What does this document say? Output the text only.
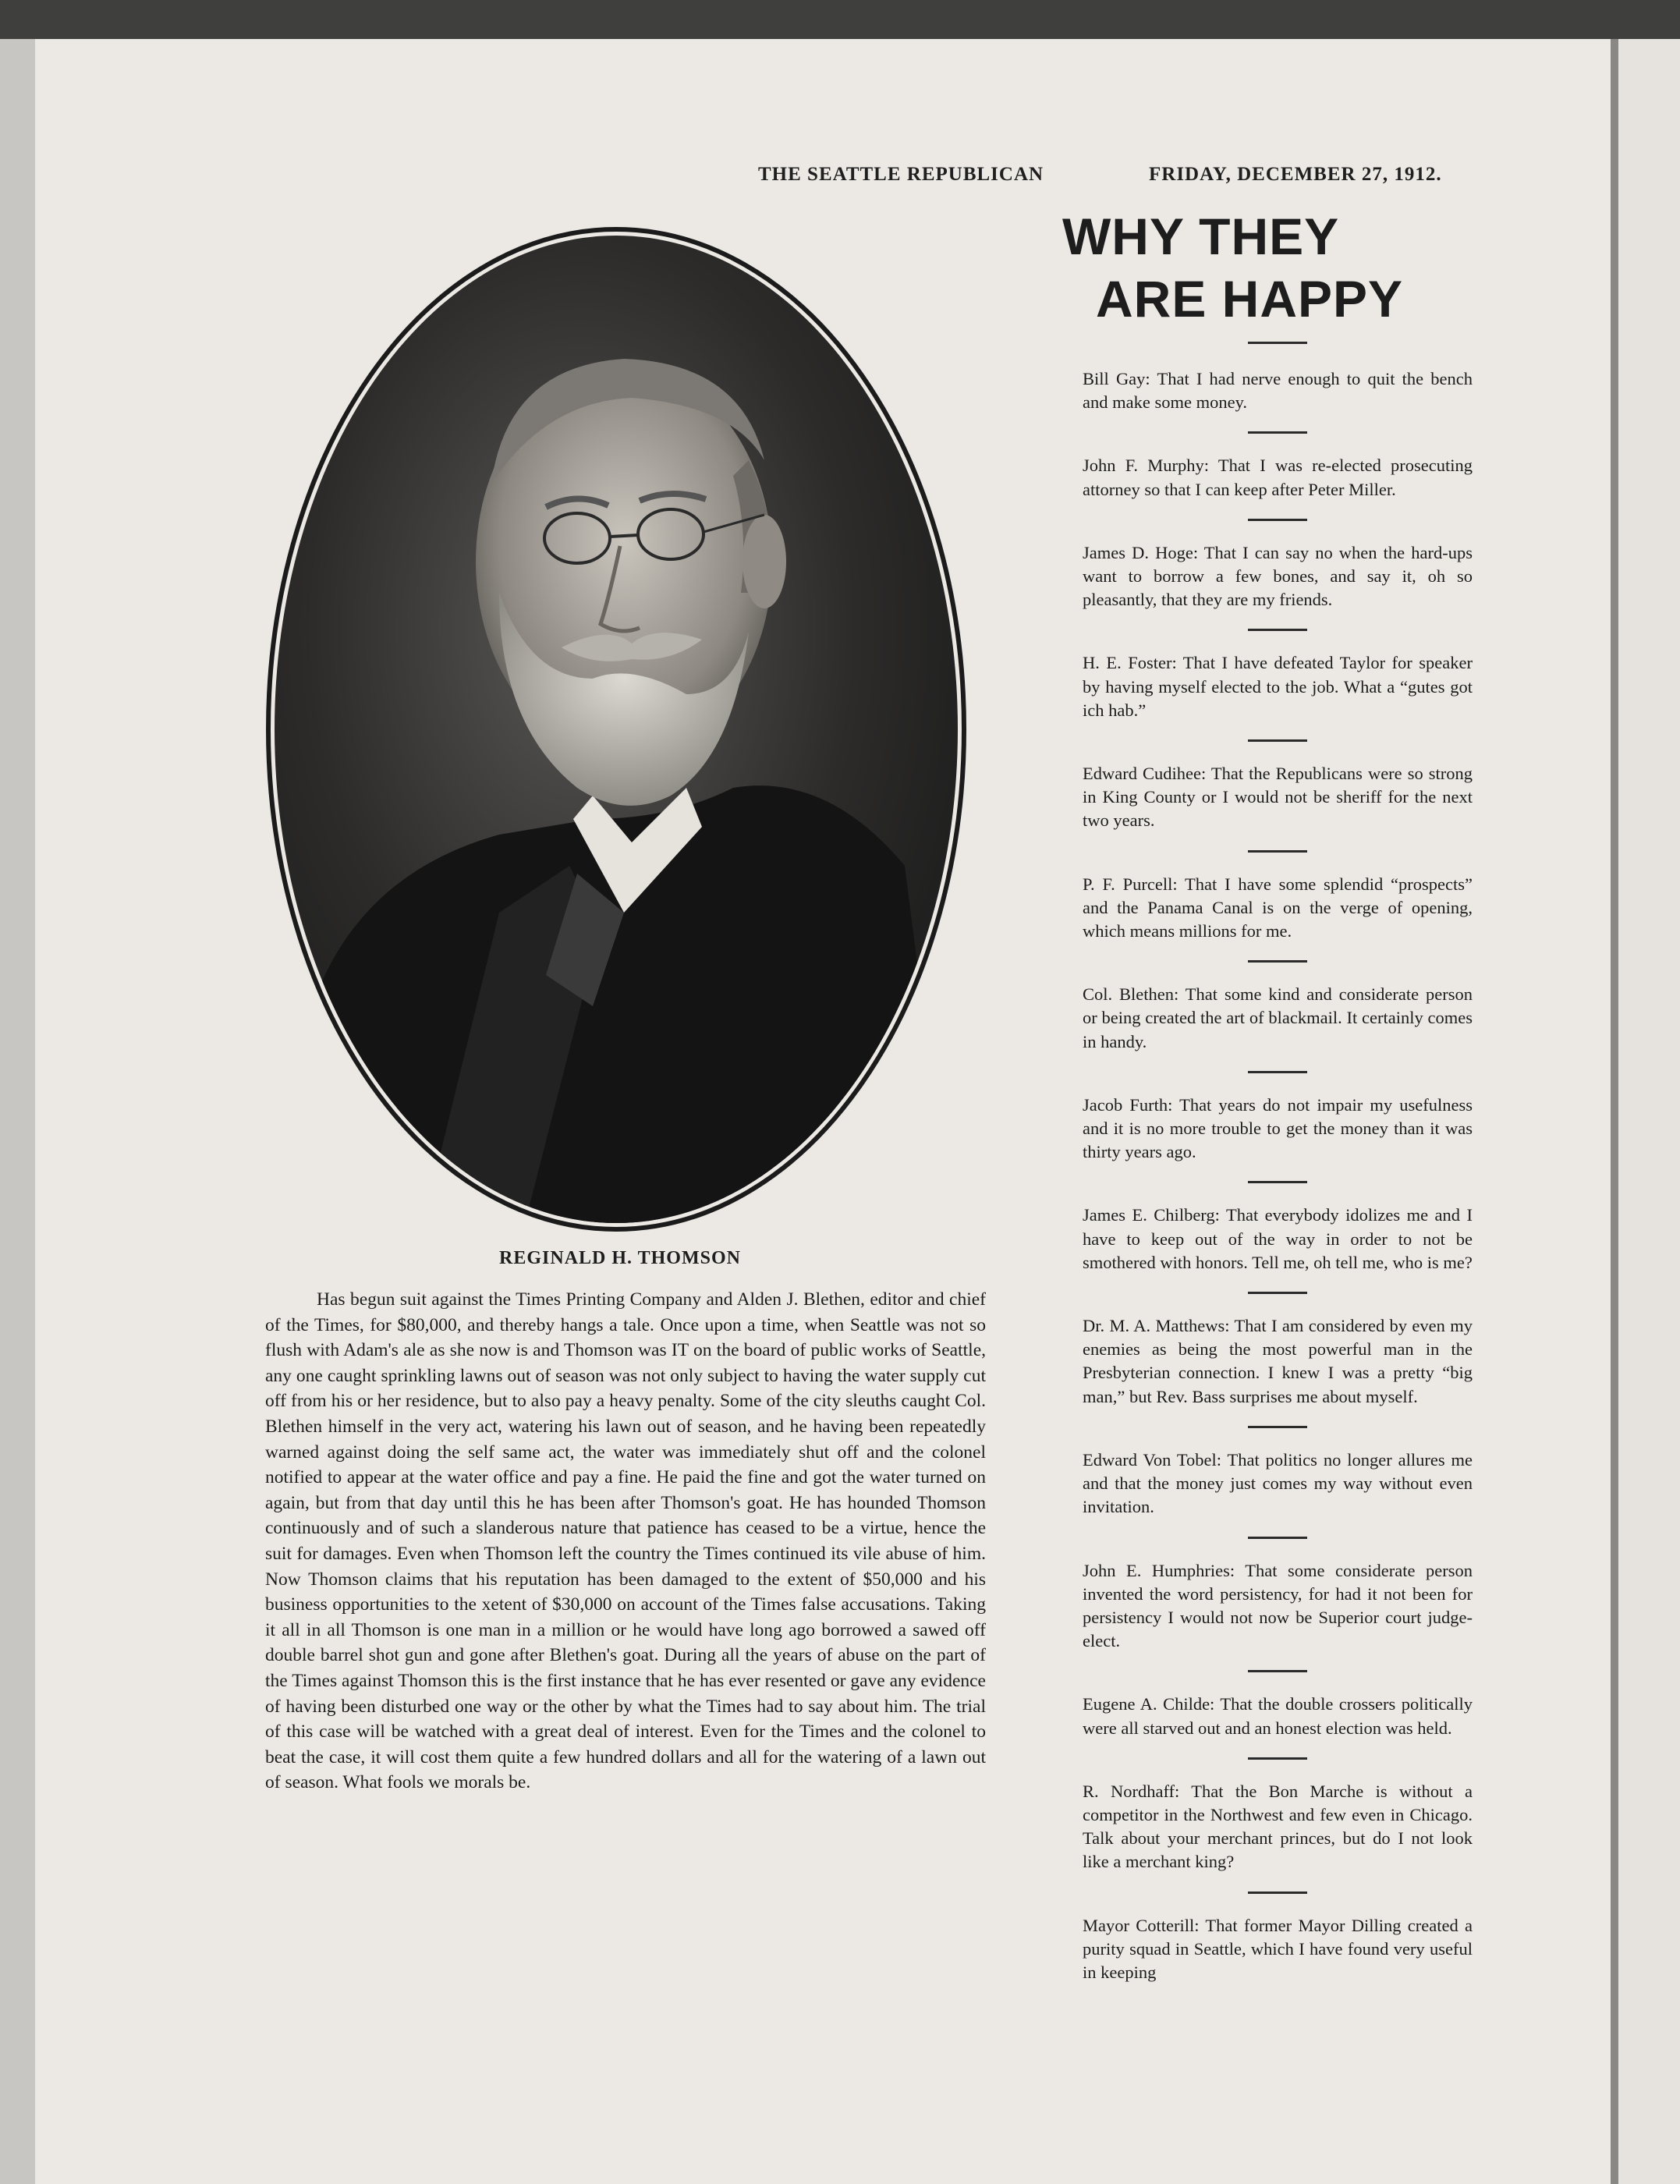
THE SEATTLE REPUBLICAN	FRIDAY, DECEMBER 27, 1912.
WHY THEY
ARE HAPPY
REGINALD H. THOMSON

Has begun suit against the Times Printing Company and Alden J. Blethen, editor and chief of the Times, for $80,000, and thereby hangs a tale. Once upon a time, when Seattle was not so flush with Adam's ale as she now is and Thomson was IT on the board of public works of Seattle, any one caught sprinkling lawns out of season was not only subject to having the water supply cut off from his or her residence, but to also pay a heavy penalty. Some of the city sleuths caught Col. Blethen himself in the very act, watering his lawn out of season, and he having been repeatedly warned against doing the self same act, the water was immediately shut off and the colonel notified to appear at the water office and pay a fine. He paid the fine and got the water turned on again, but from that day until this he has been after Thomson's goat. He has hounded Thomson continuously and of such a slanderous nature that patience has ceased to be a virtue, hence the suit for damages. Even when Thomson left the country the Times continued its vile abuse of him. Now Thomson claims that his reputation has been damaged to the extent of $50,000 and his business opportunities to the xetent of $30,000 on account of the Times false accusations. Taking it all in all Thomson is one man in a million or he would have long ago borrowed a sawed off double barrel shot gun and gone after Blethen's goat. During all the years of abuse on the part of the Times against Thomson this is the first instance that he has ever resented or gave any evidence of having been disturbed one way or the other by what the Times had to say about him. The trial of this case will be watched with a great deal of interest. Even for the Times and the colonel to beat the case, it will cost them quite a few hundred dollars and all for the watering of a lawn out of season. What fools we morals be.

Bill Gay: That I had nerve enough to quit the bench and make some money.
John F. Murphy: That I was re-elected prosecuting attorney so that I can keep after Peter Miller.
James D. Hoge: That I can say no when the hard-ups want to borrow a few bones, and say it, oh so pleasantly, that they are my friends.
H. E. Foster: That I have defeated Taylor for speaker by having myself elected to the job. What a “gutes got ich hab.”
Edward Cudihee: That the Republicans were so strong in King County or I would not be sheriff for the next two years.
P. F. Purcell: That I have some splendid “prospects” and the Panama Canal is on the verge of opening, which means millions for me.
Col. Blethen: That some kind and considerate person or being created the art of blackmail. It certainly comes in handy.
Jacob Furth: That years do not impair my usefulness and it is no more trouble to get the money than it was thirty years ago.
James E. Chilberg: That everybody idolizes me and I have to keep out of the way in order to not be smothered with honors. Tell me, oh tell me, who is me?
Dr. M. A. Matthews: That I am considered by even my enemies as being the most powerful man in the Presbyterian connection. I knew I was a pretty “big man,” but Rev. Bass surprises me about myself.
Edward Von Tobel: That politics no longer allures me and that the money just comes my way without even invitation.
John E. Humphries: That some considerate person invented the word persistency, for had it not been for persistency I would not now be Superior court judge-elect.
Eugene A. Childe: That the double crossers politically were all starved out and an honest election was held.
R. Nordhaff: That the Bon Marche is without a competitor in the Northwest and few even in Chicago. Talk about your merchant princes, but do I not look like a merchant king?
Mayor Cotterill: That former Mayor Dilling created a purity squad in Seattle, which I have found very useful in keeping
